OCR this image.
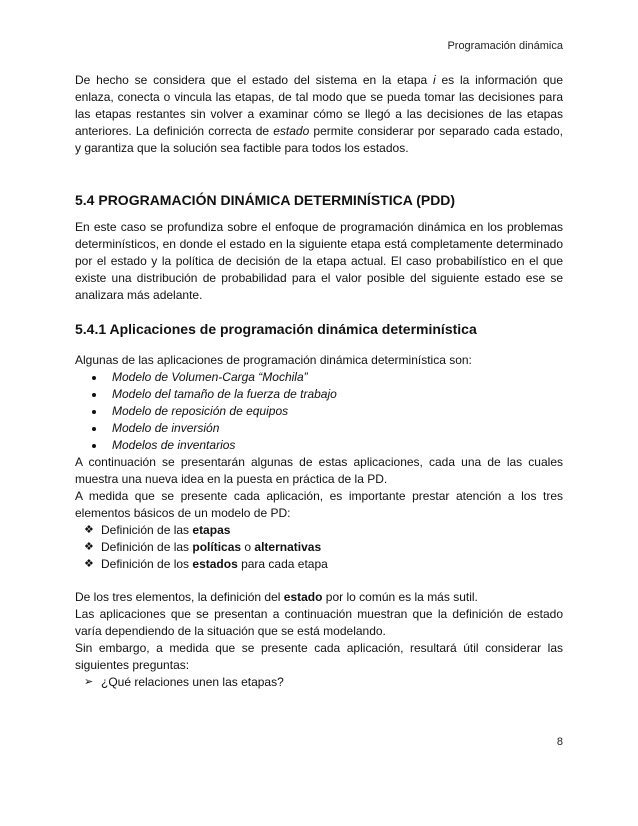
Programación dinámica

De hecho se considera que el estado del sistema en la etapa i es la información que enlaza, conecta o vincula las etapas, de tal modo que se pueda tomar las decisiones para las etapas restantes sin volver a examinar cómo se llegó a las decisiones de las etapas anteriores. La definición correcta de estado permite considerar por separado cada estado, y garantiza que la solución sea factible para todos los estados.

5.4 PROGRAMACIÓN DINÁMICA DETERMINÍSTICA (PDD)

En este caso se profundiza sobre el enfoque de programación dinámica en los problemas determinísticos, en donde el estado en la siguiente etapa está completamente determinado por el estado y la política de decisión de la etapa actual. El caso probabilístico en el que existe una distribución de probabilidad para el valor posible del siguiente estado ese se analizara más adelante.

5.4.1 Aplicaciones de programación dinámica determinística

Algunas de las aplicaciones de programación dinámica determinística son:

Modelo de Volumen-Carga “Mochila”
Modelo del tamaño de la fuerza de trabajo
Modelo de reposición de equipos
Modelo de inversión
Modelos de inventarios

A continuación se presentarán algunas de estas aplicaciones, cada una de las cuales muestra una nueva idea en la puesta en práctica de la PD.

A medida que se presente cada aplicación, es importante prestar atención a los tres elementos básicos de un modelo de PD:

❖ Definición de las etapas
❖ Definición de las políticas o alternativas
❖ Definición de los estados para cada etapa

De los tres elementos, la definición del estado por lo común es la más sutil.

Las aplicaciones que se presentan a continuación muestran que la definición de estado varía dependiendo de la situación que se está modelando.

Sin embargo, a medida que se presente cada aplicación, resultará útil considerar las siguientes preguntas:

➢ ¿Qué relaciones unen las etapas?
8
